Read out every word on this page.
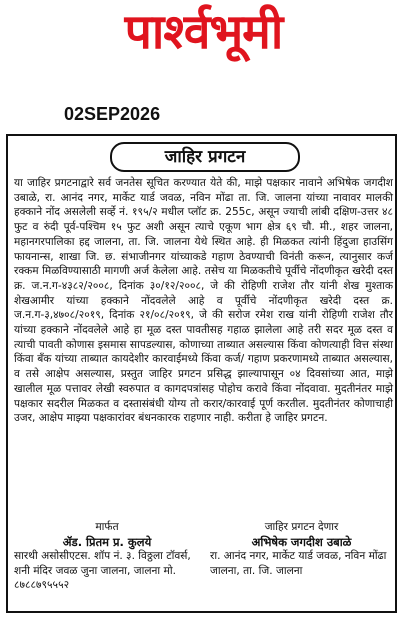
पार्श्वभूमी
02SEP2026
जाहिर प्रगटन
या जाहिर प्रगटनाद्वारे सर्व जनतेस सूचित करण्यात येते की, माझे पक्षकार नावाने अभिषेक जगदीश उबाळे, रा. आनंद नगर, मार्केट यार्ड जवळ, नविन मोंढा ता. जि. जालना यांच्या नावावर मालकी हक्काने नोंद असलेली सर्व्हे नं. १९५/२ मधील प्लॉट क्र. 255c, असून ज्याची लांबी दक्षिण-उत्तर ४८ फुट व रुंदी पूर्व-पश्चिम १५ फुट अशी असून त्याचे एकूण भाग क्षेत्र ६९ चौ. मी., शहर जालना, महानगरपालिका हद्द जालना, ता. जि. जालना येथे स्थित आहे. ही मिळकत त्यांनी हिंदुजा हाउसिंग फायनान्स, शाखा जि. छ. संभाजीनगर यांच्याकडे गहाण ठेवण्याची विनंती करून, त्यानुसार कर्ज रक्कम मिळविण्यासाठी मागणी अर्ज केलेला आहे. तसेच या मिळकतीचे पूर्वीचे नोंदणीकृत खरेदी दस्त क्र. ज.न.ग-४३८२/२००८, दिनांक ३०/१२/२००८, जे की रोहिणी राजेश तौर यांनी शेख मुश्ताक शेखआमीर यांच्या हक्काने नोंदवलेले आहे व पूर्वीचे नोंदणीकृत खरेदी दस्त क्र. ज.न.ग-३,४७०८/२०१९, दिनांक २१/०८/२०१९, जे की सरोज रमेश राख यांनी रोहिणी राजेश तौर यांच्या हक्काने नोंदवलेले आहे हा मूळ दस्त पावतीसह गहाळ झालेला आहे तरी सदर मूळ दस्त व त्याची पावती कोणास इसमास सापडल्यास, कोणाच्या ताब्यात असल्यास किंवा कोणत्याही वित्त संस्था किंवा बँक यांच्या ताब्यात कायदेशीर कारवाईमध्ये किंवा कर्ज/ गहाण प्रकरणामध्ये ताब्यात असल्यास, व तसे आक्षेप असल्यास, प्रस्तुत जाहिर प्रगटन प्रसिद्ध झाल्यापासून ०४ दिवसांच्या आत, माझे खालील मूळ पत्तावर लेखी स्वरुपात व कागदपत्रांसह पोहोच करावे किंवा नोंदवावा. मुदतीनंतर माझे पक्षकार सदरील मिळकत व दस्तासंबंधी योग्य तो करार/कारवाई पूर्ण करतील. मुदतीनंतर कोणाचाही उजर, आक्षेप माझ्या पक्षकारांवर बंधनकारक राहणार नाही. करीता हे जाहिर प्रगटन.
मार्फत
ॲड. प्रितम प्र. कुलये
सारथी असोसीएटस. शॉप नं. ३. विठ्ठला टॉवर्स, शनी मंदिर जवळ जुना जालना, जालना मो. ८७८८७९५५५२
जाहिर प्रगटन देणार
अभिषेक जगदीश उबाळे
रा. आनंद नगर, मार्केट यार्ड जवळ, नविन मोंढा जालना, ता. जि. जालना
